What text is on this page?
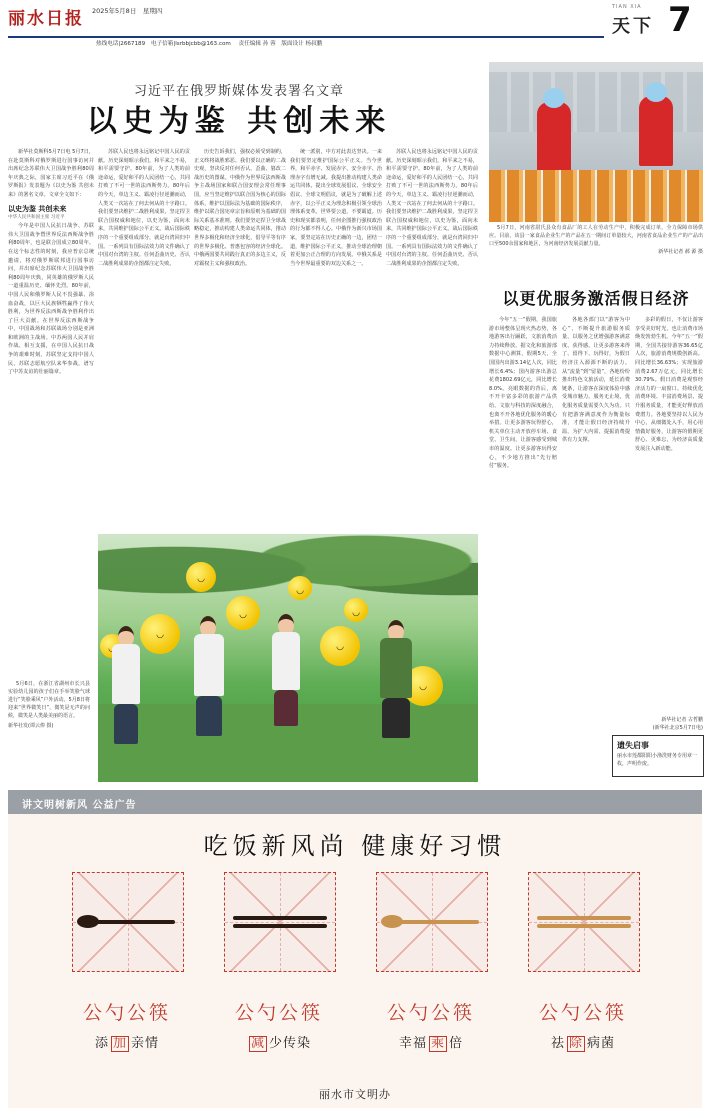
丽水日报 2025年5月8日　星期四
天下
TIAN XIA 7
热线电话|2667189 电子信箱|lsrbbjcbb@163.com 责任编辑 孙 蓉　版面设计 杨叔鹏
习近平在俄罗斯媒体发表署名文章
以史为鉴 共创未来

新华社莫斯科5月7日电 5月7日，在赴莫斯科对俄罗斯进行国事访问并出席纪念苏联伟大卫国战争胜利80周年庆典之际，国家主席习近平在《俄罗斯报》发表题为《以史为鉴 共创未来》的署名文章。文章全文如下：

以史为鉴 共创未来

中华人民共和国主席 习近平

今年是中国人民抗日战争、苏联伟大卫国战争暨世界反法西斯战争胜利80周年，也是联合国成立80周年。在这个标志性的时刻，我应普京总统邀请，将对俄罗斯联邦进行国事访问，并出席纪念苏联伟大卫国战争胜利80周年庆典，同英雄的俄罗斯人民一道重温历史、缅怀先烈。80年前，中国人民和俄罗斯人民不畏强暴、浴血奋战，以巨大民族牺牲赢得了伟大胜利，为世界反法西斯战争胜利作出了巨大贡献。在世界反法西斯战争中，中国战场和苏联战场分别是亚洲和欧洲的主战场。中苏两国人民并肩作战、相互支援，在中国人民抗日战争的艰难时刻，苏联坚定支持中国人民，苏联志愿航空队来华参战，谱写了中苏友谊的壮丽篇章。

苏联人民也将永远铭记中国人民的贡献。历史深刻昭示我们，和平来之不易，和平需要守护。80年前，为了人类的前途命运，爱好和平的人民团结一心，共同打败了不可一世的法西斯势力。80年后的今天，单边主义、霸凌行径逆潮而动，人类又一次站在了何去何从的十字路口。我们要坚决维护二战胜利成果，坚定捍卫联合国权威和地位，以史为鉴，面向未来，共同维护国际公平正义。战后国际秩序的一个重要组成部分，就是台湾回归中国。一系列具有国际法效力的文件确认了中国对台湾的主权。任何歪曲历史、否认二战胜利成果的企图都注定失败。

历史告诉我们，强权必须受到制约，正义终将战胜邪恶。我们要以正确的二战史观，坚决反对任何否认、歪曲、篡改二战历史的图谋。中俄作为世界反法西斯战争主战场国家和联合国安理会常任理事国，应当坚定维护以联合国为核心的国际体系，维护以国际法为基础的国际秩序，维护以联合国宪章宗旨和原则为基础的国际关系基本准则。我们要坚定捍卫全球战略稳定，推动构建人类命运共同体，推动世界多极化和经济全球化，倡导平等有序的世界多极化、普惠包容的经济全球化。中俄两国要共同践行真正的多边主义，反对霸权主义和强权政治。

统一派别，中方对此表达坚决。一来我们要坚定维护国际公平正义。当今世界，和平赤字、发展赤字、安全赤字、治理赤字有增无减。我提出推动构建人类命运共同体，提出全球发展倡议、全球安全倡议、全球文明倡议，就是为了破解上述赤字，以公平正义为理念积极引领全球治理体系变革。世界要公道，不要霸道。历史和现实都表明，任何企图推行强权政治的行为都不得人心。中俄作为新兴市场国家，要坚定站在历史正确的一边，团结一道，维护国际公平正义，推动全球治理朝着更加公正合理的方向发展。中俄关系是当今世界最重要的双边关系之一。

苏联人民也将永远铭记中国人民的贡献。历史深刻昭示我们，和平来之不易，和平需要守护。80年前，为了人类的前途命运，爱好和平的人民团结一心，共同打败了不可一世的法西斯势力。80年后的今天，单边主义、霸凌行径逆潮而动，人类又一次站在了何去何从的十字路口。我们要坚决维护二战胜利成果，坚定捍卫联合国权威和地位，以史为鉴，面向未来，共同维护国际公平正义。战后国际秩序的一个重要组成部分，就是台湾回归中国。一系列具有国际法效力的文件确认了中国对台湾的主权。任何歪曲历史、否认二战胜利成果的企图都注定失败。

5月6日，在浙江省湖州市长兴县实验幼儿园的孩子们在手举笑脸气球进行“笑脸乘风”户外活动。5月8日将迎来“世界微笑日”，微笑是无声的问候，微笑是人类最美丽的语言。

新华社发(谭云俸 摄)

◡
◡
◡
◡
◡
◡
◡
◡

5月7日，河南省尉氏县众有食品厂的工人在劳动生产中，积极完成订单，全力保障市场供应。目前，该县一家食品企业生产的产品在五一期间订单量较大，河南省食品企业生产的产品出口至500余国家和地区，为河南经济发展贡献力量。

新华社记者 郝 源 摄

以更优服务激活假日经济

今年“五一”假期，我国旅游市场整体呈现火热态势，各地游客出行踊跃，文旅消费活力持续释放。据文化和旅游部数据中心测算，假期5天，全国国内出游3.14亿人次，同比增长6.4%；国内游客出游总花费1802.69亿元，同比增长8.0%。亮眼数据的背后，离不开丰富多彩的旅游产品供给、文旅与科技的深度融合，也离不开各地优化服务的暖心举措。让更多游客玩得舒心，机关单位主动开放停车场、食堂、卫生间，让游客感受到城市的温度。让更多游客玩得安心，不少地方推出“先行赔付”服务。

各地各部门以“游客为中心”，不断提升旅游服务质量，以服务之优增强游客满意度、获得感。让更多游客来得了、留得下、玩得好，为假日经济注入源源不断的活力。从“流量”到“留量”，各地纷纷推出特色文旅活动，延长消费链条，让游客在深度体验中感受城市魅力。服务无止境，优化服务质量需要久久为功。只有把游客满意度作为衡量标准，才能让假日经济持续升温，为扩大内需、提振消费提供有力支撑。

多彩的假日，不仅让游客享受美好时光，也让消费市场焕发勃勃生机。今年“五一”假期，全国共接待游客36.65亿人次，旅游消费规模创新高。同比增长36.63%；实现旅游消费2.67万亿元，同比增长30.79%。假日消费是观察经济活力的一扇窗口。持续优化消费环境、丰富消费场景、提升服务质量，才能更好释放消费潜力。各地要坚持以人民为中心，从细微处入手，用心用情做好服务，让游客的假期更舒心、更难忘，为经济高质量发展注入新动能。

新华社记者 古哲鹏
(新华社北京5月7日电)
遗失启事
丽水市莲都阳阳小渔洗财务专用章一枚，声明作废。
讲文明树新风 公益广告
吃饭新风尚 健康好习惯
公勺公筷	公勺公筷	公勺公筷	公勺公筷
添 加 亲情	减 少传染	幸福 乘 倍	祛 除 病菌
丽水市文明办
